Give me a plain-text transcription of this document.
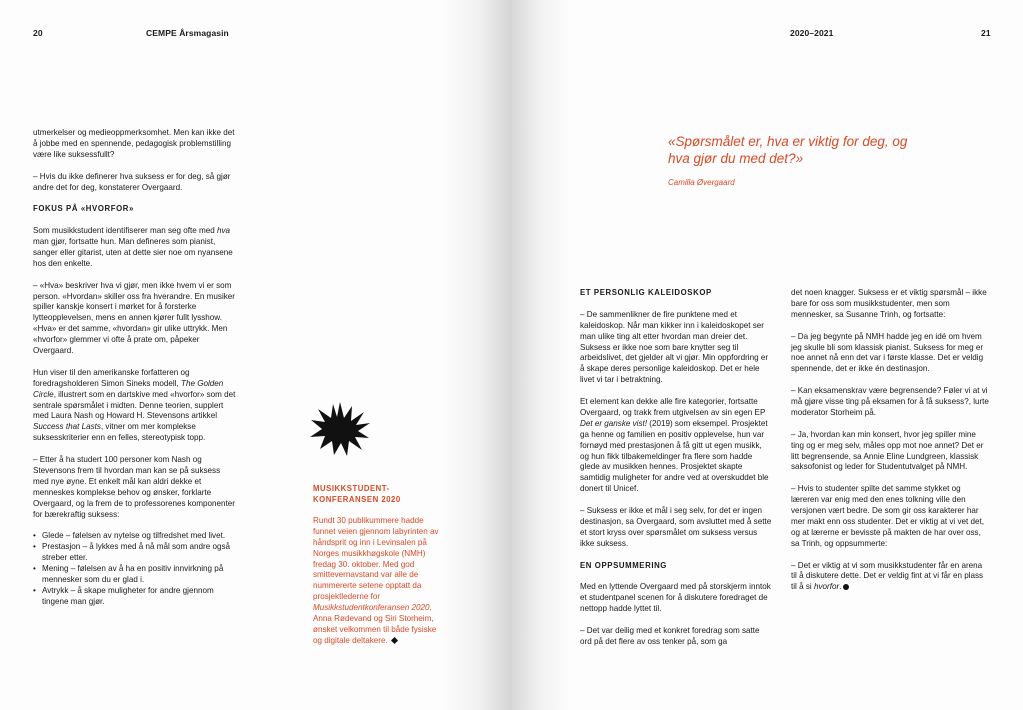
20	CEMPE Årsmagasin	2020–2021	21

utmerkelser og medieoppmerksomhet. Men kan ikke det å jobbe med en spennende, pedagogisk problemstilling være like suksessfullt?

– Hvis du ikke definerer hva suksess er for deg, så gjør andre det for deg, konstaterer Overgaard.

FOKUS PÅ «HVORFOR»

Som musikkstudent identifiserer man seg ofte med hva man gjør, fortsatte hun. Man defineres som pianist, sanger eller gitarist, uten at dette sier noe om nyansene hos den enkelte.

– «Hva» beskriver hva vi gjør, men ikke hvem vi er som person. «Hvordan» skiller oss fra hverandre. En musiker spiller kanskje konsert i mørket for å forsterke lytteopplevelsen, mens en annen kjører fullt lysshow. «Hva» er det samme, «hvordan» gir ulike uttrykk. Men «hvorfor» glemmer vi ofte å prate om, påpeker Overgaard.

Hun viser til den amerikanske forfatteren og foredragsholderen Simon Sineks modell, The Golden Circle, illustrert som en dartskive med «hvorfor» som det sentrale spørsmålet i midten. Denne teorien, supplert med Laura Nash og Howard H. Stevensons artikkel Success that Lasts, vitner om mer komplekse suksesskriterier enn en felles, stereotypisk topp.

– Etter å ha studert 100 personer kom Nash og Stevensons frem til hvordan man kan se på suksess med nye øyne. Et enkelt mål kan aldri dekke et menneskes komplekse behov og ønsker, forklarte Overgaard, og la frem de to professorenes komponenter for bærekraftig suksess:

• Glede – følelsen av nytelse og tilfredshet med livet.
• Prestasjon – å lykkes med å nå mål som andre også streber etter.
• Mening – følelsen av å ha en positiv innvirkning på mennesker som du er glad i.
• Avtrykk – å skape muligheter for andre gjennom tingene man gjør.
MUSIKKSTUDENT-KONFERANSEN 2020

Rundt 30 publikummere hadde funnet veien gjennom labyrinten av håndsprit og inn i Levinsalen på Norges musikkhøgskole (NMH) fredag 30. oktober. Med god smittevernavstand var alle de nummererte setene opptatt da prosjektlederne for Musikkstudentkonferansen 2020, Anna Rødevand og Siri Storheim, ønsket velkommen til både fysiske og digitale deltakere.

«Spørsmålet er, hva er viktig for deg, og hva gjør du med det?»
Camilla Øvergaard
ET PERSONLIG KALEIDOSKOP

– De sammenlikner de fire punktene med et kaleidoskop. Når man kikker inn i kaleidoskopet ser man ulike ting alt etter hvordan man dreier det. Suksess er ikke noe som bare knytter seg til arbeidslivet, det gjelder alt vi gjør. Min oppfordring er å skape deres personlige kaleidoskop. Det er hele livet vi tar i betraktning.

Et element kan dekke alle fire kategorier, fortsatte Overgaard, og trakk frem utgivelsen av sin egen EP Det er ganske vist! (2019) som eksempel. Prosjektet ga henne og familien en positiv opplevelse, hun var fornøyd med prestasjonen å få gitt ut egen musikk, og hun fikk tilbakemeldinger fra flere som hadde glede av musikken hennes. Prosjektet skapte samtidig muligheter for andre ved at overskuddet ble donert til Unicef.

– Suksess er ikke et mål i seg selv, for det er ingen destinasjon, sa Overgaard, som avsluttet med å sette et stort kryss over spørsmålet om suksess versus ikke suksess.

EN OPPSUMMERING

Med en lyttende Overgaard med på storskjerm inntok et studentpanel scenen for å diskutere foredraget de nettopp hadde lyttet til.

– Det var deilig med et konkret foredrag som satte ord på det flere av oss tenker på, som ga

det noen knagger. Suksess er et viktig spørsmål – ikke bare for oss som musikkstudenter, men som mennesker, sa Susanne Trinh, og fortsatte:

– Da jeg begynte på NMH hadde jeg en idé om hvem jeg skulle bli som klassisk pianist. Suksess for meg er noe annet nå enn det var i første klasse. Det er veldig spennende, det er ikke én destinasjon.

– Kan eksamenskrav være begrensende? Føler vi at vi må gjøre visse ting på eksamen for å få suksess?, lurte moderator Storheim på.

– Ja, hvordan kan min konsert, hvor jeg spiller mine ting og er meg selv, måles opp mot noe annet? Det er litt begrensende, sa Annie Eline Lundgreen, klassisk saksofonist og leder for Studentutvalget på NMH.

– Hvis to studenter spilte det samme stykket og læreren var enig med den enes tolkning ville den versjonen vært bedre. De som gir oss karakterer har mer makt enn oss studenter. Det er viktig at vi vet det, og at lærerne er bevisste på makten de har over oss, sa Trinh, og oppsummerte:

– Det er viktig at vi som musikkstudenter får en arena til å diskutere dette. Det er veldig fint at vi får en plass til å si hvorfor.
